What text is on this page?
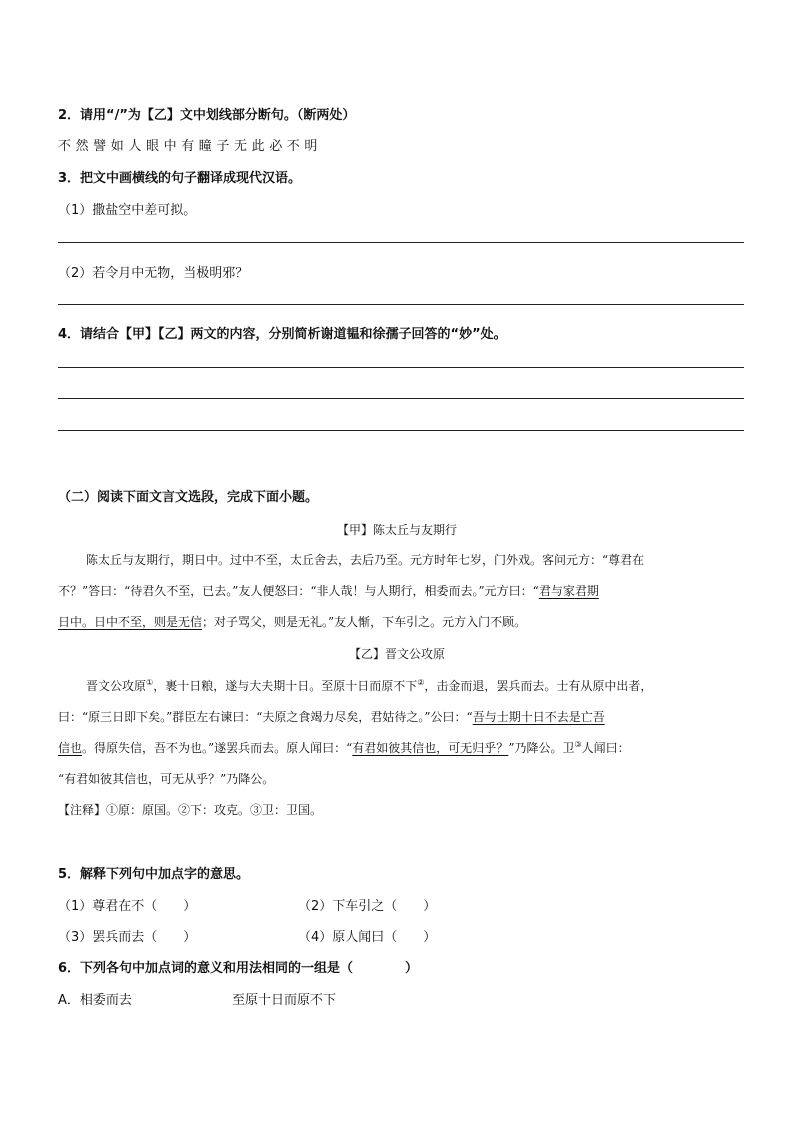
2．请用“/”为【乙】文中划线部分断句。（断两处）
不然譬如人眼中有瞳子无此必不明
3．把文中画横线的句子翻译成现代汉语。
（1）撒盐空中差可拟。
（2）若令月中无物，当极明邪？
4．请结合【甲】【乙】两文的内容，分别简析谢道韫和徐孺子回答的“妙”处。
（二）阅读下面文言文选段，完成下面小题。
【甲】陈太丘与友期行
陈太丘与友期行，期日中。过中不至，太丘舍去，去后乃至。元方时年七岁，门外戏。客问元方：“尊君在
不？”答曰：“待君久不至，已去。”友人便怒曰：“非人哉！与人期行，相委而去。”元方曰：“君与家君期
日中。日中不至，则是无信；对子骂父，则是无礼。”友人惭，下车引之。元方入门不顾。
【乙】晋文公攻原
晋文公攻原①，裹十日粮，遂与大夫期十日。至原十日而原不下②，击金而退，罢兵而去。士有从原中出者，
曰：“原三日即下矣。”群臣左右谏曰：“夫原之食竭力尽矣，君姑待之。”公曰：“吾与士期十日不去是亡吾
信也。得原失信，吾不为也。”遂罢兵而去。原人闻曰：“有君如彼其信也，可无归乎？”乃降公。卫③人闻曰：
“有君如彼其信也，可无从乎？”乃降公。
【注释】①原：原国。②下：攻克。③卫：卫国。
5．解释下列句中加点字的意思。
（1）尊君在不（　　）	（2）下车引之（　　）
（3）罢兵而去（　　）	（4）原人闻曰（　　）
6．下列各句中加点词的意义和用法相同的一组是（　　　　）
A．相委而去	至原十日而原不下
